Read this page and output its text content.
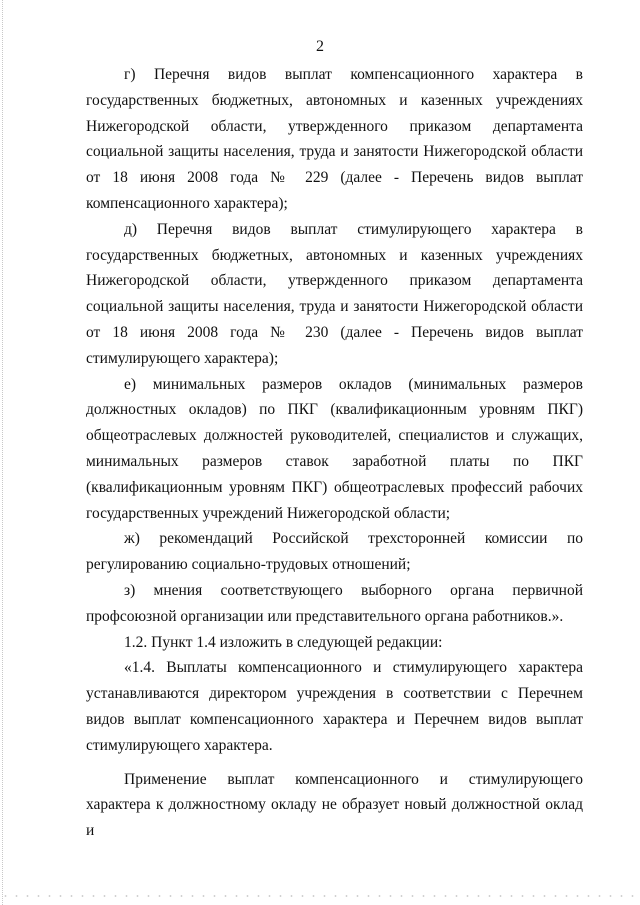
2

г) Перечня видов выплат компенсационного характера в государственных бюджетных, автономных и казенных учреждениях Нижегородской области, утвержденного приказом департамента социальной защиты населения, труда и занятости Нижегородской области от 18 июня 2008 года № 229 (далее - Перечень видов выплат компенсационного характера);

д) Перечня видов выплат стимулирующего характера в государственных бюджетных, автономных и казенных учреждениях Нижегородской области, утвержденного приказом департамента социальной защиты населения, труда и занятости Нижегородской области от 18 июня 2008 года № 230 (далее - Перечень видов выплат стимулирующего характера);

е) минимальных размеров окладов (минимальных размеров должностных окладов) по ПКГ (квалификационным уровням ПКГ) общеотраслевых должностей руководителей, специалистов и служащих, минимальных размеров ставок заработной платы по ПКГ (квалификационным уровням ПКГ) общеотраслевых профессий рабочих государственных учреждений Нижегородской области;

ж) рекомендаций Российской трехсторонней комиссии по регулированию социально-трудовых отношений;

з) мнения соответствующего выборного органа первичной профсоюзной организации или представительного органа работников.».

1.2. Пункт 1.4 изложить в следующей редакции:

«1.4. Выплаты компенсационного и стимулирующего характера устанавливаются директором учреждения в соответствии с Перечнем видов выплат компенсационного характера и Перечнем видов выплат стимулирующего характера.

Применение выплат компенсационного и стимулирующего характера к должностному окладу не образует новый должностной оклад и
